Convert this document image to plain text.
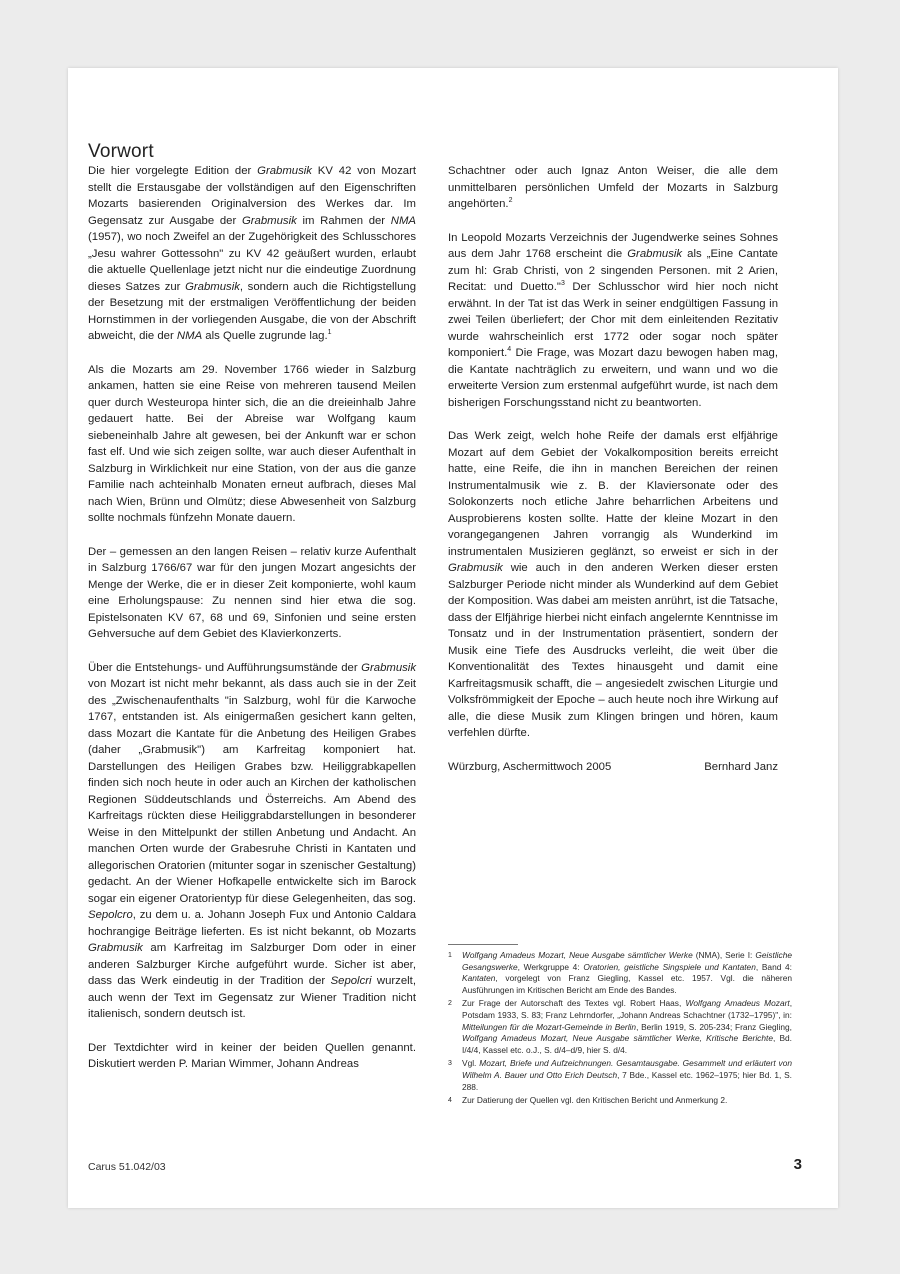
Vorwort

Die hier vorgelegte Edition der Grabmusik KV 42 von Mozart stellt die Erstausgabe der vollständigen auf den Eigenschriften Mozarts basierenden Originalversion des Werkes dar. Im Gegensatz zur Ausgabe der Grabmusik im Rahmen der NMA (1957), wo noch Zweifel an der Zugehörigkeit des Schlusschores „Jesu wahrer Gottessohn" zu KV 42 geäußert wurden, erlaubt die aktuelle Quellenlage jetzt nicht nur die eindeutige Zuordnung dieses Satzes zur Grabmusik, sondern auch die Richtigstellung der Besetzung mit der erstmaligen Veröffentlichung der beiden Hornstimmen in der vorliegenden Ausgabe, die von der Abschrift abweicht, die der NMA als Quelle zugrunde lag.$^1$

Als die Mozarts am 29. November 1766 wieder in Salzburg ankamen, hatten sie eine Reise von mehreren tausend Meilen quer durch Westeuropa hinter sich, die an die dreieinhalb Jahre gedauert hatte. Bei der Abreise war Wolfgang kaum siebeneinhalb Jahre alt gewesen, bei der Ankunft war er schon fast elf. Und wie sich zeigen sollte, war auch dieser Aufenthalt in Salzburg in Wirklichkeit nur eine Station, von der aus die ganze Familie nach achteinhalb Monaten erneut aufbrach, dieses Mal nach Wien, Brünn und Olmütz; diese Abwesenheit von Salzburg sollte nochmals fünfzehn Monate dauern.

Der – gemessen an den langen Reisen – relativ kurze Aufenthalt in Salzburg 1766/67 war für den jungen Mozart angesichts der Menge der Werke, die er in dieser Zeit komponierte, wohl kaum eine Erholungspause: Zu nennen sind hier etwa die sog. Epistelsonaten KV 67, 68 und 69, Sinfonien und seine ersten Gehversuche auf dem Gebiet des Klavierkonzerts.

Über die Entstehungs- und Aufführungsumstände der Grabmusik von Mozart ist nicht mehr bekannt, als dass auch sie in der Zeit des „Zwischenaufenthalts "in Salzburg, wohl für die Karwoche 1767, entstanden ist. Als einigermaßen gesichert kann gelten, dass Mozart die Kantate für die Anbetung des Heiligen Grabes (daher „Grabmusik") am Karfreitag komponiert hat. Darstellungen des Heiligen Grabes bzw. Heiliggrabkapellen finden sich noch heute in oder auch an Kirchen der katholischen Regionen Süddeutschlands und Österreichs. Am Abend des Karfreitags rückten diese Heiliggrabdarstellungen in besonderer Weise in den Mittelpunkt der stillen Anbetung und Andacht. An manchen Orten wurde der Grabesruhe Christi in Kantaten und allegorischen Oratorien (mitunter sogar in szenischer Gestaltung) gedacht. An der Wiener Hofkapelle entwickelte sich im Barock sogar ein eigener Oratorientyp für diese Gelegenheiten, das sog. Sepolcro, zu dem u. a. Johann Joseph Fux und Antonio Caldara hochrangige Beiträge lieferten. Es ist nicht bekannt, ob Mozarts Grabmusik am Karfreitag im Salzburger Dom oder in einer anderen Salzburger Kirche aufgeführt wurde. Sicher ist aber, dass das Werk eindeutig in der Tradition der Sepolcri wurzelt, auch wenn der Text im Gegensatz zur Wiener Tradition nicht italienisch, sondern deutsch ist.

Der Textdichter wird in keiner der beiden Quellen genannt. Diskutiert werden P. Marian Wimmer, Johann Andreas

Schachtner oder auch Ignaz Anton Weiser, die alle dem unmittelbaren persönlichen Umfeld der Mozarts in Salzburg angehörten.$^2$

In Leopold Mozarts Verzeichnis der Jugendwerke seines Sohnes aus dem Jahr 1768 erscheint die Grabmusik als „Eine Cantate zum hl: Grab Christi, von 2 singenden Personen. mit 2 Arien, Recitat: und Duetto."$^3$ Der Schlusschor wird hier noch nicht erwähnt. In der Tat ist das Werk in seiner endgültigen Fassung in zwei Teilen überliefert; der Chor mit dem einleitenden Rezitativ wurde wahrscheinlich erst 1772 oder sogar noch später komponiert.$^4$ Die Frage, was Mozart dazu bewogen haben mag, die Kantate nachträglich zu erweitern, und wann und wo die erweiterte Version zum erstenmal aufgeführt wurde, ist nach dem bisherigen Forschungsstand nicht zu beantworten.

Das Werk zeigt, welch hohe Reife der damals erst elfjährige Mozart auf dem Gebiet der Vokalkomposition bereits erreicht hatte, eine Reife, die ihn in manchen Bereichen der reinen Instrumentalmusik wie z. B. der Klaviersonate oder des Solokonzerts noch etliche Jahre beharrlichen Arbeitens und Ausprobierens kosten sollte. Hatte der kleine Mozart in den vorangegangenen Jahren vorrangig als Wunderkind im instrumentalen Musizieren geglänzt, so erweist er sich in der Grabmusik wie auch in den anderen Werken dieser ersten Salzburger Periode nicht minder als Wunderkind auf dem Gebiet der Komposition. Was dabei am meisten anrührt, ist die Tatsache, dass der Elfjährige hierbei nicht einfach angelernte Kenntnisse im Tonsatz und in der Instrumentation präsentiert, sondern der Musik eine Tiefe des Ausdrucks verleiht, die weit über die Konventionalität des Textes hinausgeht und damit eine Karfreitagsmusik schafft, die – angesiedelt zwischen Liturgie und Volksfrömmigkeit der Epoche – auch heute noch ihre Wirkung auf alle, die diese Musik zum Klingen bringen und hören, kaum verfehlen dürfte.

Würzburg, Aschermittwoch 2005	Bernhard Janz
1 Wolfgang Amadeus Mozart, Neue Ausgabe sämtlicher Werke (NMA), Serie I: Geistliche Gesangswerke, Werkgruppe 4: Oratorien, geistliche Singspiele und Kantaten, Band 4: Kantaten, vorgelegt von Franz Giegling, Kassel etc. 1957. Vgl. die näheren Ausführungen im Kritischen Bericht am Ende des Bandes.
2 Zur Frage der Autorschaft des Textes vgl. Robert Haas, Wolfgang Amadeus Mozart, Potsdam 1933, S. 83; Franz Lehrndorfer, „Johann Andreas Schachtner (1732–1795)", in: Mitteilungen für die Mozart-Gemeinde in Berlin, Berlin 1919, S. 205-234; Franz Giegling, Wolfgang Amadeus Mozart, Neue Ausgabe sämtlicher Werke, Kritische Berichte, Bd. I/4/4, Kassel etc. o.J., S. d/4–d/9, hier S. d/4.
3 Vgl. Mozart, Briefe und Aufzeichnungen. Gesamtausgabe. Gesammelt und erläutert von Wilhelm A. Bauer und Otto Erich Deutsch, 7 Bde., Kassel etc. 1962–1975; hier Bd. 1, S. 288.
4 Zur Datierung der Quellen vgl. den Kritischen Bericht und Anmerkung 2.
Carus 51.042/03	3
